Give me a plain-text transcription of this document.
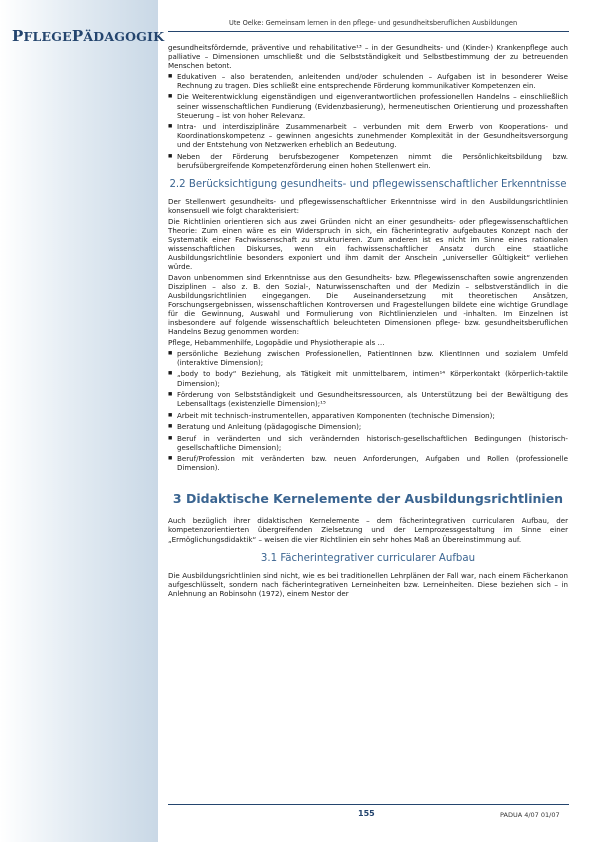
PFLEGEPÄDAGOGIK
Ute Oelke: Gemeinsam lernen in den pflege- und gesundheitsberuflichen Ausbildungen

gesundheitsfördernde, präventive und rehabilitative¹³ – in der Gesundheits- und (Kinder-) Krankenpflege auch palliative – Dimensionen umschließt und die Selbstständigkeit und Selbstbestimmung der zu betreuenden Menschen betont.

■ Edukativen – also beratenden, anleitenden und/oder schulenden – Aufgaben ist in besonderer Weise Rechnung zu tragen. Dies schließt eine entsprechende Förderung kommunikativer Kompetenzen ein.
■ Die Weiterentwicklung eigenständigen und eigenverantwortlichen professionellen Handelns – einschließlich seiner wissenschaftlichen Fundierung (Evidenzbasierung), hermeneutischen Orientierung und prozesshaften Steuerung – ist von hoher Relevanz.
■ Intra- und interdisziplinäre Zusammenarbeit – verbunden mit dem Erwerb von Kooperations- und Koordinationskompetenz – gewinnen angesichts zunehmender Komplexität in der Gesundheitsversorgung und der Entstehung von Netzwerken erheblich an Bedeutung.
■ Neben der Förderung berufsbezogener Kompetenzen nimmt die Persönlichkeitsbildung bzw. berufsübergreifende Kompetenzförderung einen hohen Stellenwert ein.
2.2 Berücksichtigung gesundheits- und pflegewissenschaftlicher Erkenntnisse

Der Stellenwert gesundheits- und pflegewissenschaftlicher Erkenntnisse wird in den Ausbildungsrichtlinien konsensuell wie folgt charakterisiert:

Die Richtlinien orientieren sich aus zwei Gründen nicht an einer gesundheits- oder pflegewissenschaftlichen Theorie: Zum einen wäre es ein Widerspruch in sich, ein fächerintegrativ aufgebautes Konzept nach der Systematik einer Fachwissenschaft zu strukturieren. Zum anderen ist es nicht im Sinne eines rationalen wissenschaftlichen Diskurses, wenn ein fachwissenschaftlicher Ansatz durch eine staatliche Ausbildungsrichtlinie besonders exponiert und ihm damit der Anschein „universeller Gültigkeit“ verliehen würde.

Davon unbenommen sind Erkenntnisse aus den Gesundheits- bzw. Pflegewissenschaften sowie angrenzenden Disziplinen – also z. B. den Sozial-, Naturwissenschaften und der Medizin – selbstverständlich in die Ausbildungsrichtlinien eingegangen. Die Auseinandersetzung mit theoretischen Ansätzen, Forschungsergebnissen, wissenschaftlichen Kontroversen und Fragestellungen bildete eine wichtige Grundlage für die Gewinnung, Auswahl und Formulierung von Richtlinienzielen und -inhalten. Im Einzelnen ist insbesondere auf folgende wissenschaftlich beleuchteten Dimensionen pflege- bzw. gesundheitsberuflichen Handelns Bezug genommen worden:

Pflege, Hebammenhilfe, Logopädie und Physiotherapie als …

■ persönliche Beziehung zwischen Professionellen, PatientInnen bzw. KlientInnen und sozialem Umfeld (interaktive Dimension);
■ „body to body“ Beziehung, als Tätigkeit mit unmittelbarem, intimen¹⁴ Körperkontakt (körperlich-taktile Dimension);
■ Förderung von Selbstständigkeit und Gesundheitsressourcen, als Unterstützung bei der Bewältigung des Lebensalltags (existenzielle Dimension);¹⁵
■ Arbeit mit technisch-instrumentellen, apparativen Komponenten (technische Dimension);
■ Beratung und Anleitung (pädagogische Dimension);
■ Beruf in veränderten und sich verändernden historisch-gesellschaftlichen Bedingungen (historisch-gesellschaftliche Dimension);
■ Beruf/Profession mit veränderten bzw. neuen Anforderungen, Aufgaben und Rollen (professionelle Dimension).
3 Didaktische Kernelemente der Ausbildungsrichtlinien

Auch bezüglich ihrer didaktischen Kernelemente – dem fächerintegrativen curricularen Aufbau, der kompetenzorientierten übergreifenden Zielsetzung und der Lernprozessgestaltung im Sinne einer „Ermöglichungsdidaktik“ – weisen die vier Richtlinien ein sehr hohes Maß an Übereinstimmung auf.

3.1 Fächerintegrativer curricularer Aufbau

Die Ausbildungsrichtlinien sind nicht, wie es bei traditionellen Lehrplänen der Fall war, nach einem Fächerkanon aufgeschlüsselt, sondern nach fächerintegrativen Lerneinheiten bzw. Lerneinheiten. Diese beziehen sich – in Anlehnung an Robinsohn (1972), einem Nestor der

155	PADUA 4/07 01/07
